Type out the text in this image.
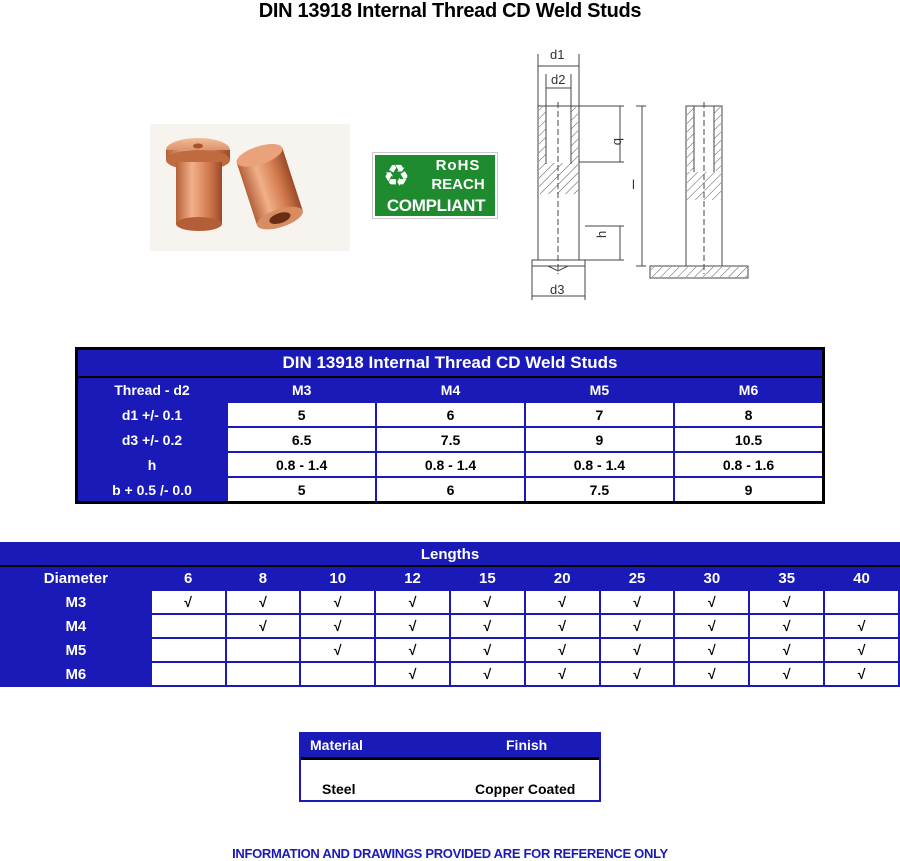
DIN 13918 Internal Thread CD Weld Studs
♻	RoHS
REACH
COMPLIANT
d1
d2
b
l
h
d3
DIN 13918 Internal Thread CD Weld Studs				
Thread - d2	M3	M4	M5	M6
d1 +/- 0.1	5	6	7	8
d3 +/- 0.2	6.5	7.5	9	10.5
h	0.8 - 1.4	0.8 - 1.4	0.8 - 1.4	0.8 - 1.6
b + 0.5 /- 0.0	5	6	7.5	9
Lengths										
Diameter	6	8	10	12	15	20	25	30	35	40
M3	√	√	√	√	√	√	√	√	√	
M4		√	√	√	√	√	√	√	√	√
M5			√	√	√	√	√	√	√	√
M6				√	√	√	√	√	√	√
Material	Finish
Steel	Copper Coated
INFORMATION AND DRAWINGS PROVIDED ARE FOR REFERENCE ONLY
